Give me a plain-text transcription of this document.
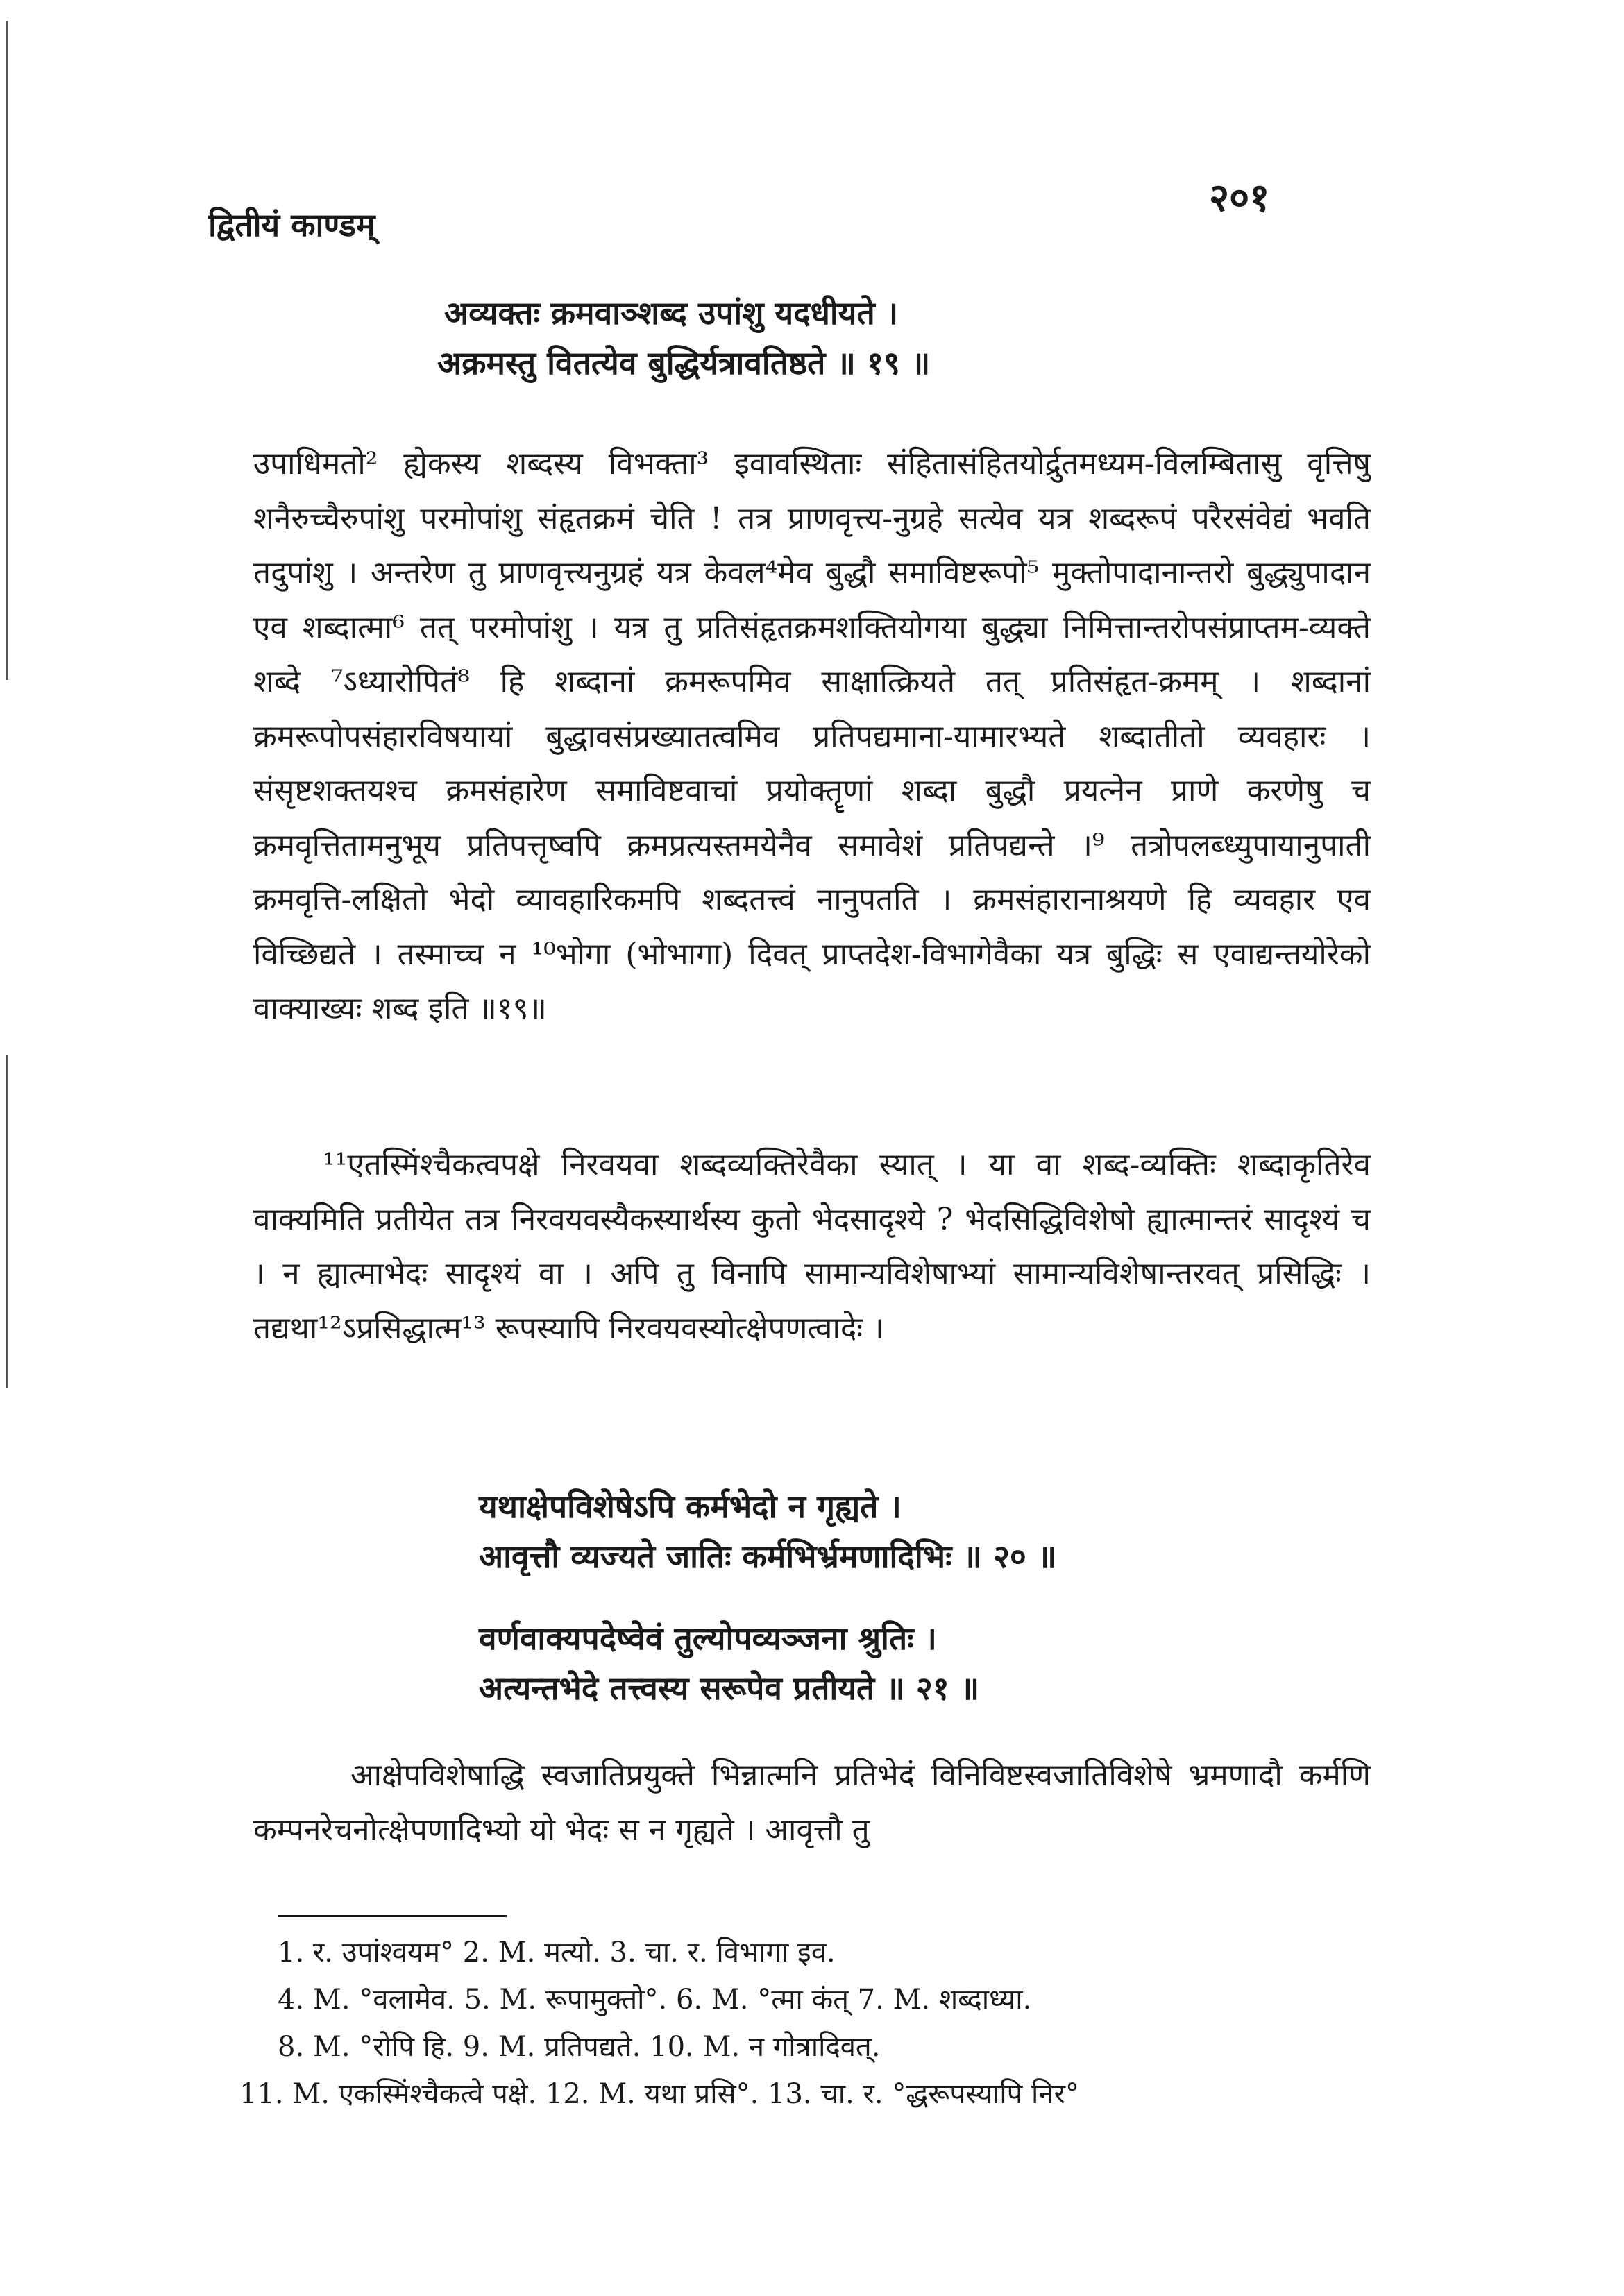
द्वितीयं काण्डम्
२०१
अव्यक्तः क्रमवाञ्शब्द उपांशु यदधीयते ।
अक्रमस्तु वितत्येव बुद्धिर्यत्रावतिष्ठते ॥ १९ ॥
उपाधिमतो² ह्येकस्य शब्दस्य विभक्ता³ इवावस्थिताः संहितासंहितयोर्द्रुतमध्यम-विलम्बितासु वृत्तिषु शनैरुच्चैरुपांशु परमोपांशु संहृतक्रमं चेति ! तत्र प्राणवृत्त्य-नुग्रहे सत्येव यत्र शब्दरूपं परैरसंवेद्यं भवति तदुपांशु । अन्तरेण तु प्राणवृत्त्यनुग्रहं यत्र केवल⁴मेव बुद्धौ समाविष्टरूपो⁵ मुक्तोपादानान्तरो बुद्ध्युपादान एव शब्दात्मा⁶ तत् परमोपांशु । यत्र तु प्रतिसंहृतक्रमशक्तियोगया बुद्ध्या निमित्तान्तरोपसंप्राप्तम-व्यक्ते शब्दे ⁷ऽध्यारोपितं⁸ हि शब्दानां क्रमरूपमिव साक्षात्क्रियते तत् प्रतिसंहृत-क्रमम् । शब्दानां क्रमरूपोपसंहारविषयायां बुद्धावसंप्रख्यातत्वमिव प्रतिपद्यमाना-यामारभ्यते शब्दातीतो व्यवहारः । संसृष्टशक्तयश्च क्रमसंहारेण समाविष्टवाचां प्रयोक्तॄणां शब्दा बुद्धौ प्रयत्नेन प्राणे करणेषु च क्रमवृत्तितामनुभूय प्रतिपत्तृष्वपि क्रमप्रत्यस्तमयेनैव समावेशं प्रतिपद्यन्ते ।⁹ तत्रोपलब्ध्युपायानुपाती क्रमवृत्ति-लक्षितो भेदो व्यावहारिकमपि शब्दतत्त्वं नानुपतति । क्रमसंहारानाश्रयणे हि व्यवहार एव विच्छिद्यते । तस्माच्च न ¹⁰भोगा (भोभागा) दिवत् प्राप्तदेश-विभागेवैका यत्र बुद्धिः स एवाद्यन्तयोरेको वाक्याख्यः शब्द इति ॥१९॥
¹¹एतस्मिंश्चैकत्वपक्षे निरवयवा शब्दव्यक्तिरेवैका स्यात् । या वा शब्द-व्यक्तिः शब्दाकृतिरेव वाक्यमिति प्रतीयेत तत्र निरवयवस्यैकस्यार्थस्य कुतो भेदसादृश्ये ? भेदसिद्धिविशेषो ह्यात्मान्तरं सादृश्यं च । न ह्यात्माभेदः सादृश्यं वा । अपि तु विनापि सामान्यविशेषाभ्यां सामान्यविशेषान्तरवत् प्रसिद्धिः । तद्यथा¹²ऽप्रसिद्धात्म¹³ रूपस्यापि निरवयवस्योत्क्षेपणत्वादेः ।
यथाक्षेपविशेषेऽपि कर्मभेदो न गृह्यते ।
आवृत्तौ व्यज्यते जातिः कर्मभिर्भ्रमणादिभिः ॥ २० ॥
वर्णवाक्यपदेष्वेवं तुल्योपव्यञ्जना श्रुतिः ।
अत्यन्तभेदे तत्त्वस्य सरूपेव प्रतीयते ॥ २१ ॥
आक्षेपविशेषाद्धि स्वजातिप्रयुक्ते भिन्नात्मनि प्रतिभेदं विनिविष्टस्वजातिविशेषे भ्रमणादौ कर्मणि कम्पनरेचनोत्क्षेपणादिभ्यो यो भेदः स न गृह्यते । आवृत्तौ तु
1. र. उपांश्वयम° 2. M. मत्यो. 3. चा. र. विभागा इव.
4. M. °वलामेव. 5. M. रूपामुक्तो°. 6. M. °त्मा कंत् 7. M. शब्दाध्या.
8. M. °रोपि हि. 9. M. प्रतिपद्यते. 10. M. न गोत्रादिवत्.
11. M. एकस्मिंश्चैकत्वे पक्षे. 12. M. यथा प्रसि°. 13. चा. र. °द्धरूपस्यापि निर°
